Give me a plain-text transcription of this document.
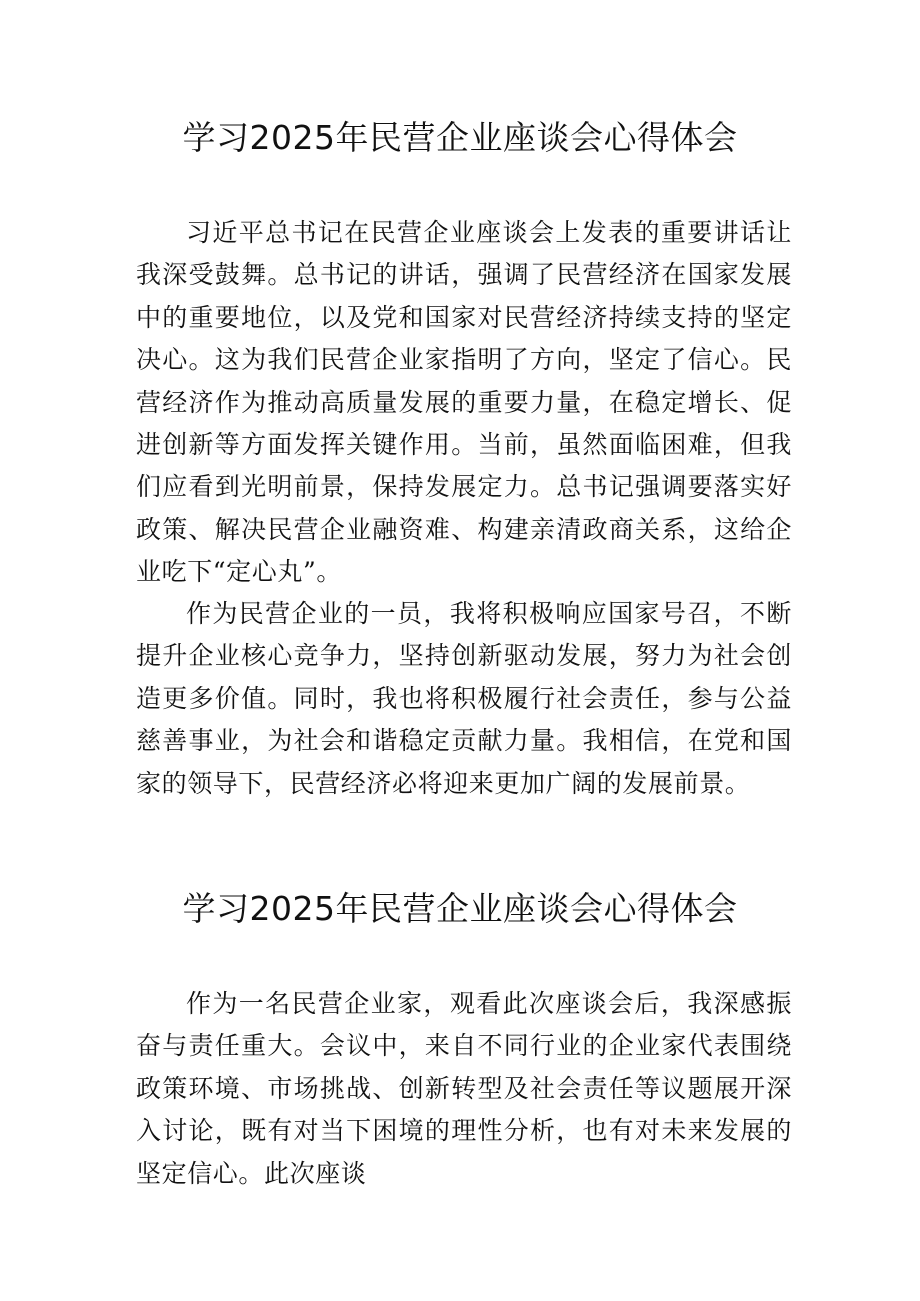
学习2025年民营企业座谈会心得体会

习近平总书记在民营企业座谈会上发表的重要讲话让我深受鼓舞。总书记的讲话，强调了民营经济在国家发展中的重要地位，以及党和国家对民营经济持续支持的坚定决心。这为我们民营企业家指明了方向，坚定了信心。民营经济作为推动高质量发展的重要力量，在稳定增长、促进创新等方面发挥关键作用。当前，虽然面临困难，但我们应看到光明前景，保持发展定力。总书记强调要落实好政策、解决民营企业融资难、构建亲清政商关系，这给企业吃下“定心丸”。

作为民营企业的一员，我将积极响应国家号召，不断提升企业核心竞争力，坚持创新驱动发展，努力为社会创造更多价值。同时，我也将积极履行社会责任，参与公益慈善事业，为社会和谐稳定贡献力量。我相信，在党和国家的领导下，民营经济必将迎来更加广阔的发展前景。

学习2025年民营企业座谈会心得体会

作为一名民营企业家，观看此次座谈会后，我深感振奋与责任重大。会议中，来自不同行业的企业家代表围绕政策环境、市场挑战、创新转型及社会责任等议题展开深入讨论，既有对当下困境的理性分析，也有对未来发展的坚定信心。此次座谈
